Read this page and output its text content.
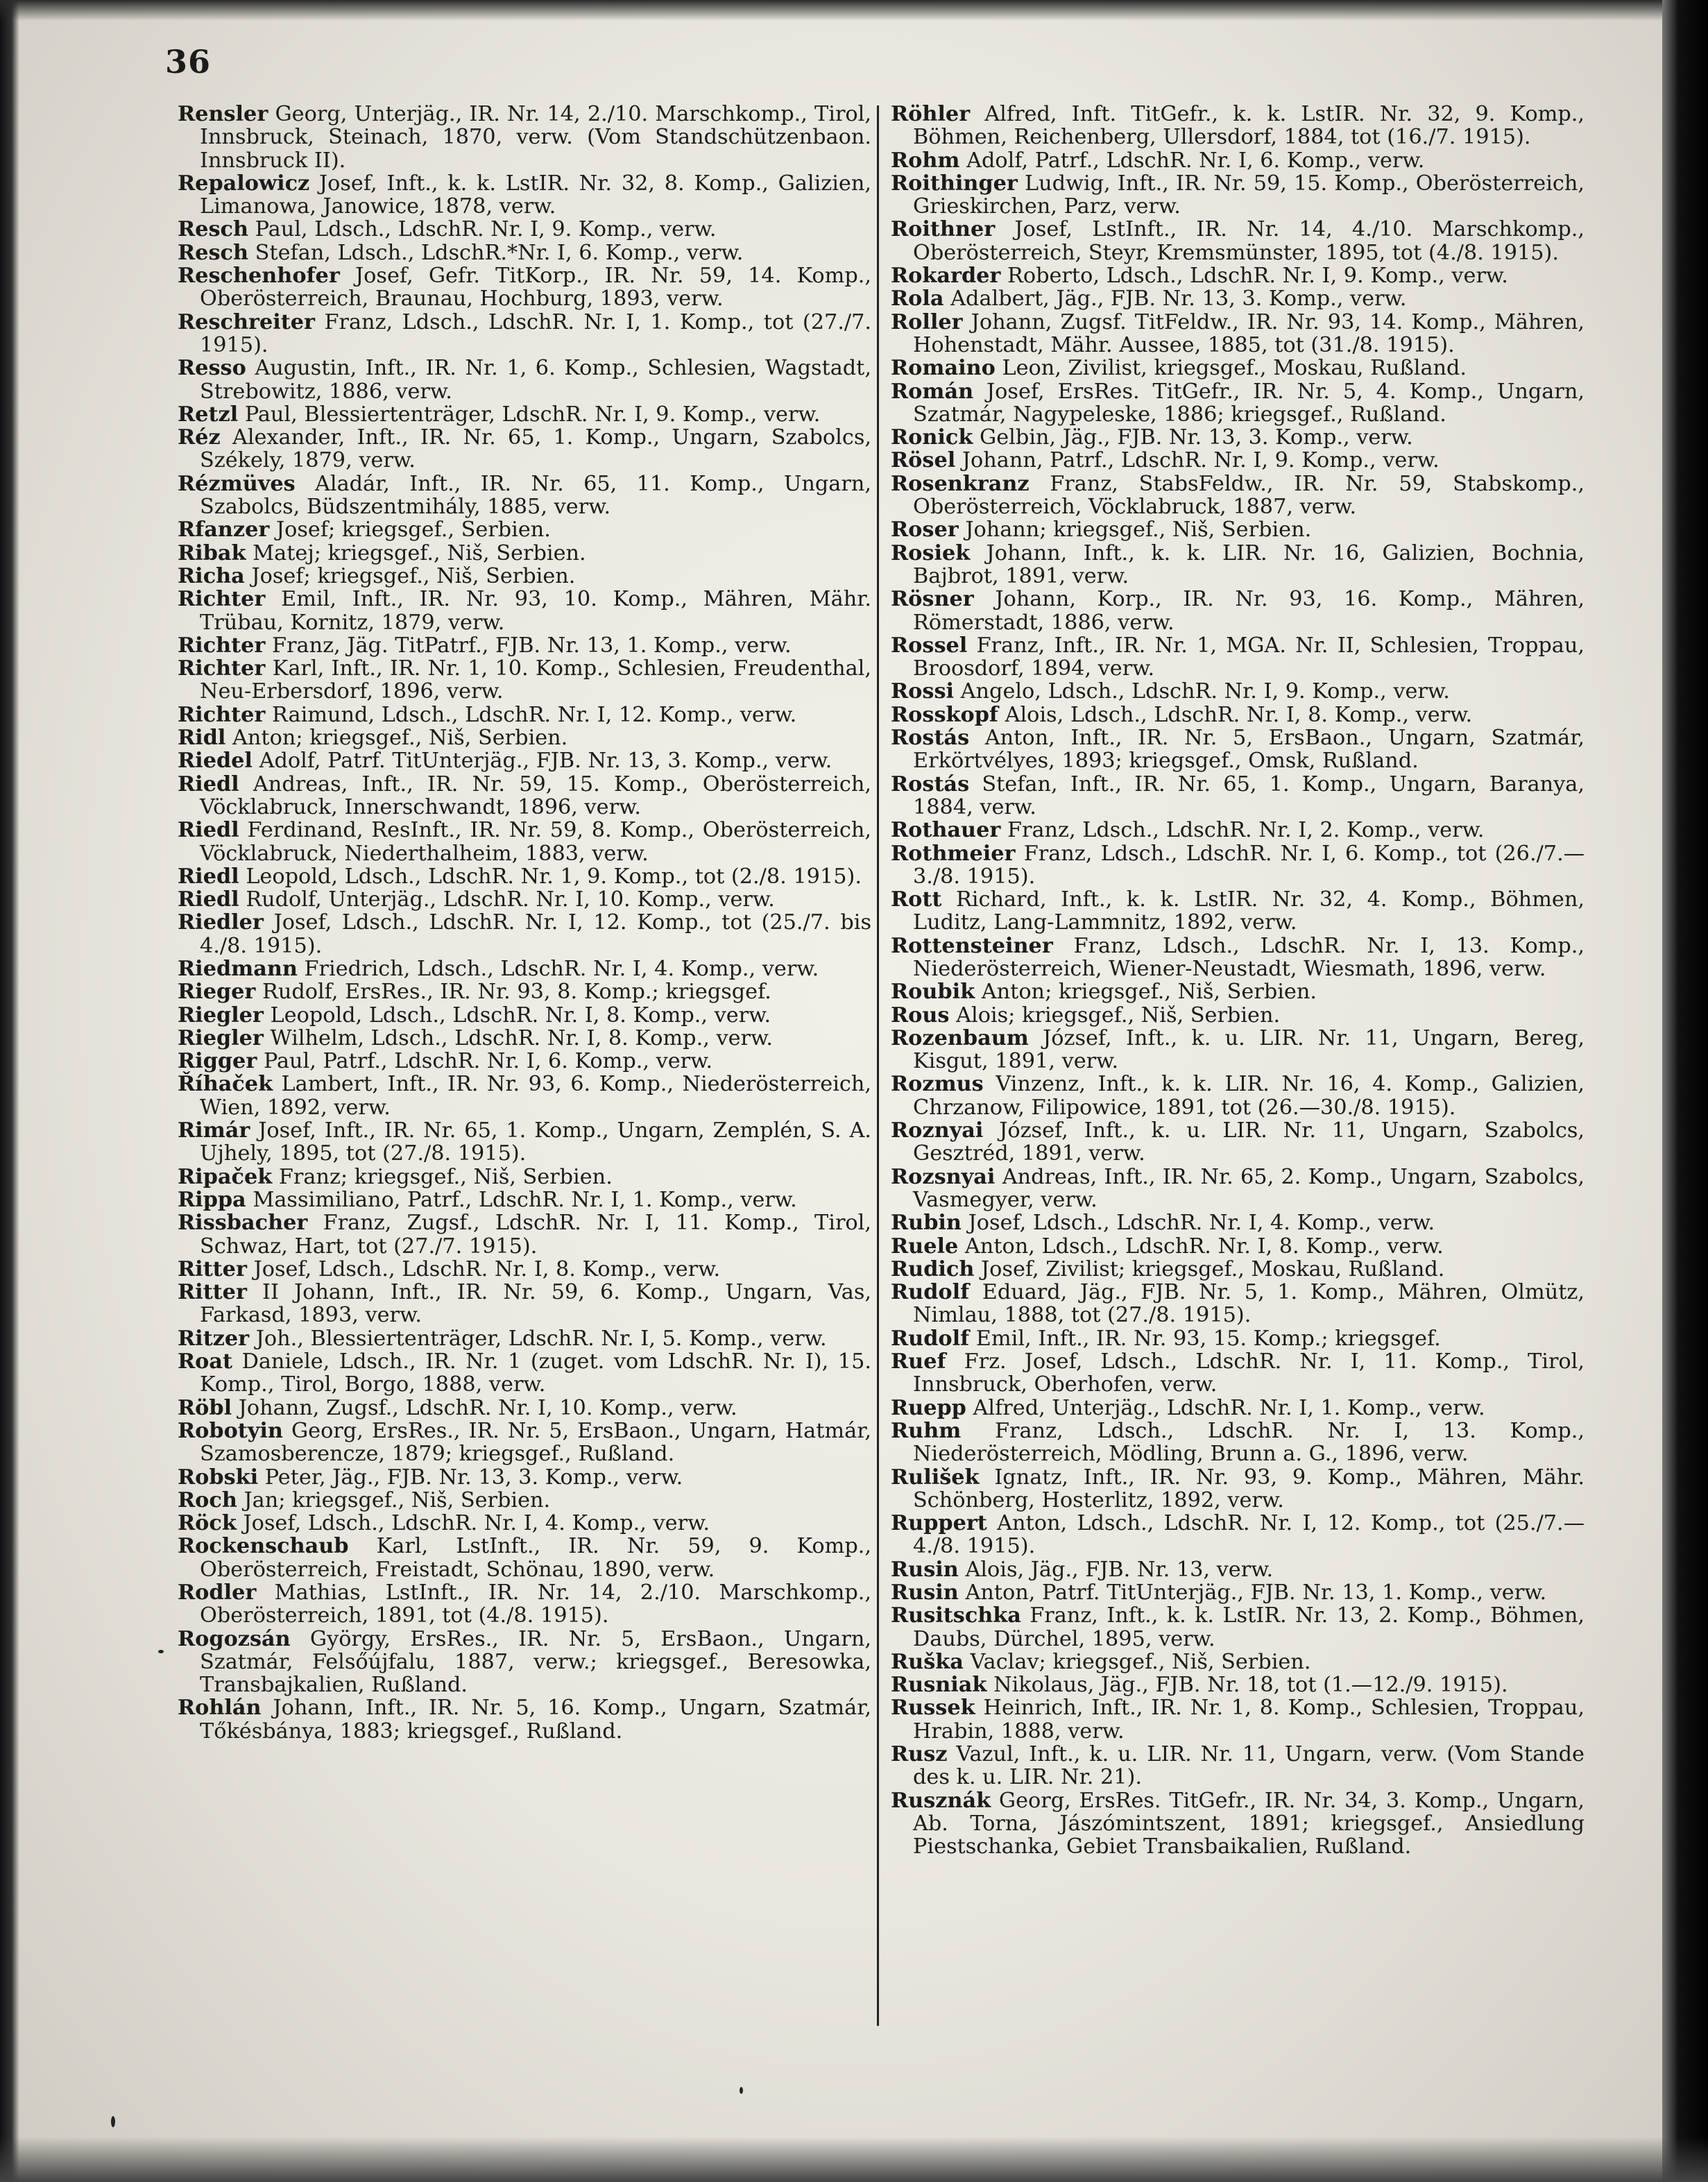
36

Rensler Georg, Unterjäg., IR. Nr. 14, 2./10. Marschkomp., Tirol, Innsbruck, Steinach, 1870, verw. (Vom Standschützenbaon. Innsbruck II).

Repalowicz Josef, Inft., k. k. LstIR. Nr. 32, 8. Komp., Galizien, Limanowa, Janowice, 1878, verw.

Resch Paul, Ldsch., LdschR. Nr. I, 9. Komp., verw.

Resch Stefan, Ldsch., LdschR.*Nr. I, 6. Komp., verw.

Reschenhofer Josef, Gefr. TitKorp., IR. Nr. 59, 14. Komp., Oberösterreich, Braunau, Hochburg, 1893, verw.

Reschreiter Franz, Ldsch., LdschR. Nr. I, 1. Komp., tot (27./7. 1915).

Resso Augustin, Inft., IR. Nr. 1, 6. Komp., Schlesien, Wagstadt, Strebowitz, 1886, verw.

Retzl Paul, Blessiertenträger, LdschR. Nr. I, 9. Komp., verw.

Réz Alexander, Inft., IR. Nr. 65, 1. Komp., Ungarn, Szabolcs, Székely, 1879, verw.

Rézmüves Aladár, Inft., IR. Nr. 65, 11. Komp., Ungarn, Szabolcs, Büdszentmihály, 1885, verw.

Rfanzer Josef; kriegsgef., Serbien.

Ribak Matej; kriegsgef., Niš, Serbien.

Richa Josef; kriegsgef., Niš, Serbien.

Richter Emil, Inft., IR. Nr. 93, 10. Komp., Mähren, Mähr. Trübau, Kornitz, 1879, verw.

Richter Franz, Jäg. TitPatrf., FJB. Nr. 13, 1. Komp., verw.

Richter Karl, Inft., IR. Nr. 1, 10. Komp., Schlesien, Freudenthal, Neu-Erbersdorf, 1896, verw.

Richter Raimund, Ldsch., LdschR. Nr. I, 12. Komp., verw.

Ridl Anton; kriegsgef., Niš, Serbien.

Riedel Adolf, Patrf. TitUnterjäg., FJB. Nr. 13, 3. Komp., verw.

Riedl Andreas, Inft., IR. Nr. 59, 15. Komp., Oberösterreich, Vöcklabruck, Innerschwandt, 1896, verw.

Riedl Ferdinand, ResInft., IR. Nr. 59, 8. Komp., Oberösterreich, Vöcklabruck, Niederthalheim, 1883, verw.

Riedl Leopold, Ldsch., LdschR. Nr. 1, 9. Komp., tot (2./8. 1915).

Riedl Rudolf, Unterjäg., LdschR. Nr. I, 10. Komp., verw.

Riedler Josef, Ldsch., LdschR. Nr. I, 12. Komp., tot (25./7. bis 4./8. 1915).

Riedmann Friedrich, Ldsch., LdschR. Nr. I, 4. Komp., verw.

Rieger Rudolf, ErsRes., IR. Nr. 93, 8. Komp.; kriegsgef.

Riegler Leopold, Ldsch., LdschR. Nr. I, 8. Komp., verw.

Riegler Wilhelm, Ldsch., LdschR. Nr. I, 8. Komp., verw.

Rigger Paul, Patrf., LdschR. Nr. I, 6. Komp., verw.

Říhaček Lambert, Inft., IR. Nr. 93, 6. Komp., Niederösterreich, Wien, 1892, verw.

Rimár Josef, Inft., IR. Nr. 65, 1. Komp., Ungarn, Zemplén, S. A. Ujhely, 1895, tot (27./8. 1915).

Ripaček Franz; kriegsgef., Niš, Serbien.

Rippa Massimiliano, Patrf., LdschR. Nr. I, 1. Komp., verw.

Rissbacher Franz, Zugsf., LdschR. Nr. I, 11. Komp., Tirol, Schwaz, Hart, tot (27./7. 1915).

Ritter Josef, Ldsch., LdschR. Nr. I, 8. Komp., verw.

Ritter II Johann, Inft., IR. Nr. 59, 6. Komp., Ungarn, Vas, Farkasd, 1893, verw.

Ritzer Joh., Blessiertenträger, LdschR. Nr. I, 5. Komp., verw.

Roat Daniele, Ldsch., IR. Nr. 1 (zuget. vom LdschR. Nr. I), 15. Komp., Tirol, Borgo, 1888, verw.

Röbl Johann, Zugsf., LdschR. Nr. I, 10. Komp., verw.

Robotyin Georg, ErsRes., IR. Nr. 5, ErsBaon., Ungarn, Hatmár, Szamosberencze, 1879; kriegsgef., Rußland.

Robski Peter, Jäg., FJB. Nr. 13, 3. Komp., verw.

Roch Jan; kriegsgef., Niš, Serbien.

Röck Josef, Ldsch., LdschR. Nr. I, 4. Komp., verw.

Rockenschaub Karl, LstInft., IR. Nr. 59, 9. Komp., Oberösterreich, Freistadt, Schönau, 1890, verw.

Rodler Mathias, LstInft., IR. Nr. 14, 2./10. Marschkomp., Oberösterreich, 1891, tot (4./8. 1915).

Rogozsán György, ErsRes., IR. Nr. 5, ErsBaon., Ungarn, Szatmár, Felsőújfalu, 1887, verw.; kriegsgef., Beresowka, Transbajkalien, Rußland.

Rohlán Johann, Inft., IR. Nr. 5, 16. Komp., Ungarn, Szatmár, Tőkésbánya, 1883; kriegsgef., Rußland.

Röhler Alfred, Inft. TitGefr., k. k. LstIR. Nr. 32, 9. Komp., Böhmen, Reichenberg, Ullersdorf, 1884, tot (16./7. 1915).

Rohm Adolf, Patrf., LdschR. Nr. I, 6. Komp., verw.

Roithinger Ludwig, Inft., IR. Nr. 59, 15. Komp., Oberösterreich, Grieskirchen, Parz, verw.

Roithner Josef, LstInft., IR. Nr. 14, 4./10. Marschkomp., Oberösterreich, Steyr, Kremsmünster, 1895, tot (4./8. 1915).

Rokarder Roberto, Ldsch., LdschR. Nr. I, 9. Komp., verw.

Rola Adalbert, Jäg., FJB. Nr. 13, 3. Komp., verw.

Roller Johann, Zugsf. TitFeldw., IR. Nr. 93, 14. Komp., Mähren, Hohenstadt, Mähr. Aussee, 1885, tot (31./8. 1915).

Romaino Leon, Zivilist, kriegsgef., Moskau, Rußland.

Román Josef, ErsRes. TitGefr., IR. Nr. 5, 4. Komp., Ungarn, Szatmár, Nagypeleske, 1886; kriegsgef., Rußland.

Ronick Gelbin, Jäg., FJB. Nr. 13, 3. Komp., verw.

Rösel Johann, Patrf., LdschR. Nr. I, 9. Komp., verw.

Rosenkranz Franz, StabsFeldw., IR. Nr. 59, Stabskomp., Oberösterreich, Vöcklabruck, 1887, verw.

Roser Johann; kriegsgef., Niš, Serbien.

Rosiek Johann, Inft., k. k. LIR. Nr. 16, Galizien, Bochnia, Bajbrot, 1891, verw.

Rösner Johann, Korp., IR. Nr. 93, 16. Komp., Mähren, Römerstadt, 1886, verw.

Rossel Franz, Inft., IR. Nr. 1, MGA. Nr. II, Schlesien, Troppau, Broosdorf, 1894, verw.

Rossi Angelo, Ldsch., LdschR. Nr. I, 9. Komp., verw.

Rosskopf Alois, Ldsch., LdschR. Nr. I, 8. Komp., verw.

Rostás Anton, Inft., IR. Nr. 5, ErsBaon., Ungarn, Szatmár, Erkörtvélyes, 1893; kriegsgef., Omsk, Rußland.

Rostás Stefan, Inft., IR. Nr. 65, 1. Komp., Ungarn, Baranya, 1884, verw.

Rothauer Franz, Ldsch., LdschR. Nr. I, 2. Komp., verw.

Rothmeier Franz, Ldsch., LdschR. Nr. I, 6. Komp., tot (26./7.—3./8. 1915).

Rott Richard, Inft., k. k. LstIR. Nr. 32, 4. Komp., Böhmen, Luditz, Lang-Lammnitz, 1892, verw.

Rottensteiner Franz, Ldsch., LdschR. Nr. I, 13. Komp., Niederösterreich, Wiener-Neustadt, Wiesmath, 1896, verw.

Roubik Anton; kriegsgef., Niš, Serbien.

Rous Alois; kriegsgef., Niš, Serbien.

Rozenbaum József, Inft., k. u. LIR. Nr. 11, Ungarn, Bereg, Kisgut, 1891, verw.

Rozmus Vinzenz, Inft., k. k. LIR. Nr. 16, 4. Komp., Galizien, Chrzanow, Filipowice, 1891, tot (26.—30./8. 1915).

Roznyai József, Inft., k. u. LIR. Nr. 11, Ungarn, Szabolcs, Gesztréd, 1891, verw.

Rozsnyai Andreas, Inft., IR. Nr. 65, 2. Komp., Ungarn, Szabolcs, Vasmegyer, verw.

Rubin Josef, Ldsch., LdschR. Nr. I, 4. Komp., verw.

Ruele Anton, Ldsch., LdschR. Nr. I, 8. Komp., verw.

Rudich Josef, Zivilist; kriegsgef., Moskau, Rußland.

Rudolf Eduard, Jäg., FJB. Nr. 5, 1. Komp., Mähren, Olmütz, Nimlau, 1888, tot (27./8. 1915).

Rudolf Emil, Inft., IR. Nr. 93, 15. Komp.; kriegsgef.

Ruef Frz. Josef, Ldsch., LdschR. Nr. I, 11. Komp., Tirol, Innsbruck, Oberhofen, verw.

Ruepp Alfred, Unterjäg., LdschR. Nr. I, 1. Komp., verw.

Ruhm Franz, Ldsch., LdschR. Nr. I, 13. Komp., Niederösterreich, Mödling, Brunn a. G., 1896, verw.

Rulišek Ignatz, Inft., IR. Nr. 93, 9. Komp., Mähren, Mähr. Schönberg, Hosterlitz, 1892, verw.

Ruppert Anton, Ldsch., LdschR. Nr. I, 12. Komp., tot (25./7.—4./8. 1915).

Rusin Alois, Jäg., FJB. Nr. 13, verw.

Rusin Anton, Patrf. TitUnterjäg., FJB. Nr. 13, 1. Komp., verw.

Rusitschka Franz, Inft., k. k. LstIR. Nr. 13, 2. Komp., Böhmen, Daubs, Dürchel, 1895, verw.

Ruška Vaclav; kriegsgef., Niš, Serbien.

Rusniak Nikolaus, Jäg., FJB. Nr. 18, tot (1.—12./9. 1915).

Russek Heinrich, Inft., IR. Nr. 1, 8. Komp., Schlesien, Troppau, Hrabin, 1888, verw.

Rusz Vazul, Inft., k. u. LIR. Nr. 11, Ungarn, verw. (Vom Stande des k. u. LIR. Nr. 21).

Rusznák Georg, ErsRes. TitGefr., IR. Nr. 34, 3. Komp., Ungarn, Ab. Torna, Jászómintszent, 1891; kriegsgef., Ansiedlung Piestschanka, Gebiet Transbaikalien, Rußland.
